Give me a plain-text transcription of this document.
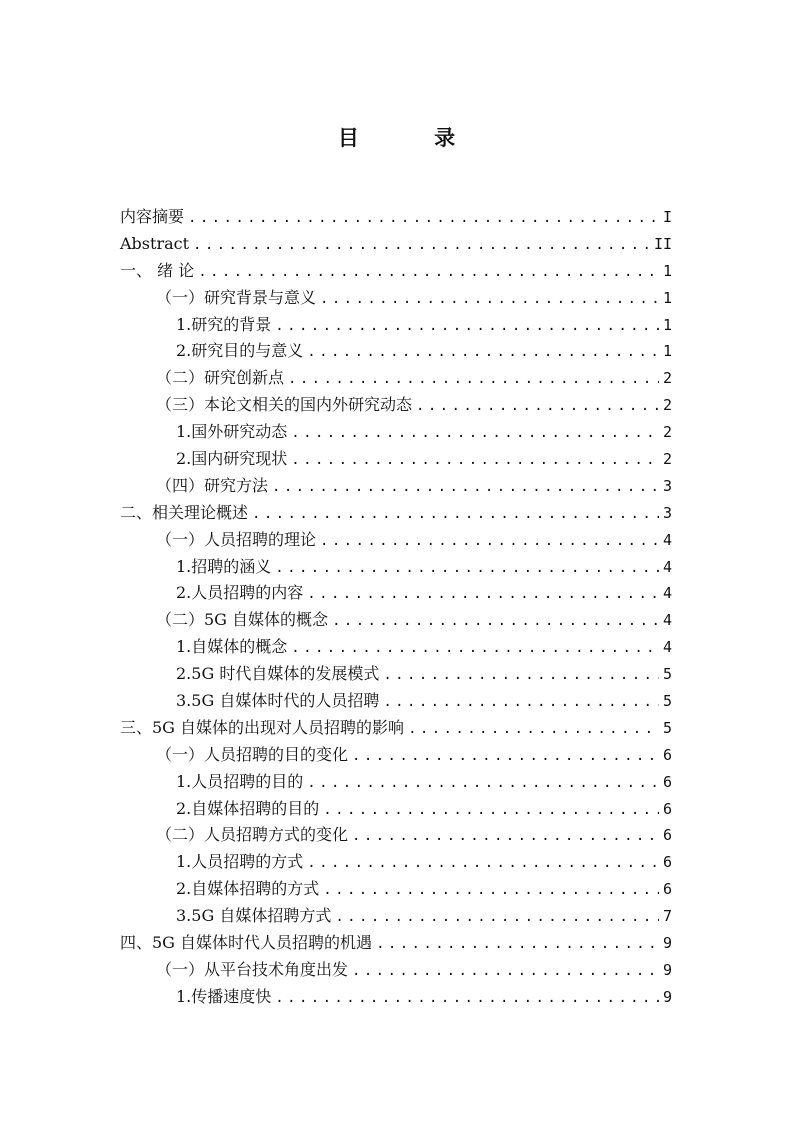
目 录
内容摘要 .....	I
Abstract .....	II
一、 绪 论 .....	1
（一）研究背景与意义 .....	1
1.研究的背景 .....	1
2.研究目的与意义 .....	1
（二）研究创新点 .....	2
（三）本论文相关的国内外研究动态 .....	2
1.国外研究动态 .....	2
2.国内研究现状 .....	2
（四）研究方法 .....	3
二、相关理论概述 .....	3
（一）人员招聘的理论 .....	4
1.招聘的涵义 .....	4
2.人员招聘的内容 .....	4
（二）5G 自媒体的概念 .....	4
1.自媒体的概念 .....	4
2.5G 时代自媒体的发展模式 .....	5
3.5G 自媒体时代的人员招聘 .....	5
三、5G 自媒体的出现对人员招聘的影响 .....	5
（一）人员招聘的目的变化 .....	6
1.人员招聘的目的 .....	6
2.自媒体招聘的目的 .....	6
（二）人员招聘方式的变化 .....	6
1.人员招聘的方式 .....	6
2.自媒体招聘的方式 .....	6
3.5G 自媒体招聘方式 .....	7
四、5G 自媒体时代人员招聘的机遇 .....	9
（一）从平台技术角度出发 .....	9
1.传播速度快 .....	9
